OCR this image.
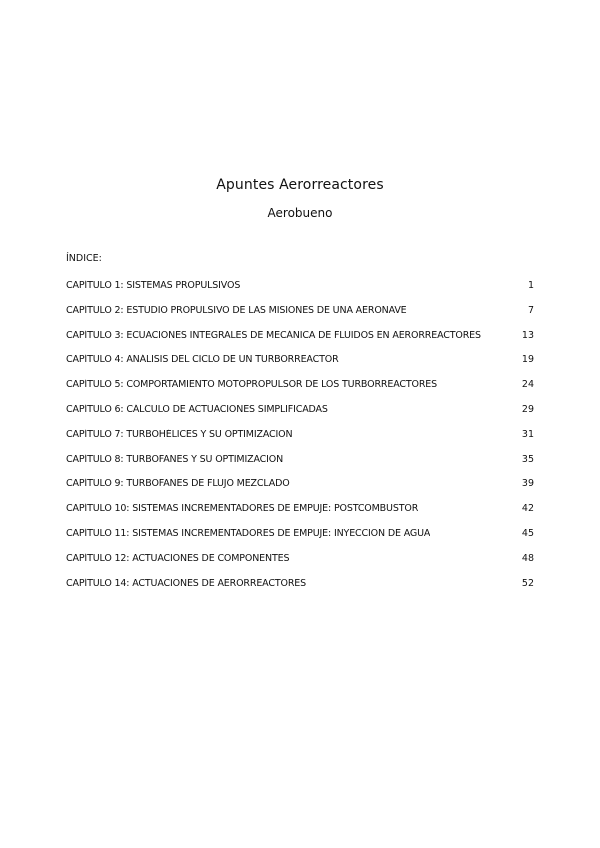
Apuntes Aerorreactores
Aerobueno
ÍNDICE:
CAPÍTULO 1: SISTEMAS PROPULSIVOS	1
CAPÍTULO 2: ESTUDIO PROPULSIVO DE LAS MISIONES DE UNA AERONAVE	7
CAPÍTULO 3: ECUACIONES INTEGRALES DE MECÁNICA DE FLUIDOS EN AERORREACTORES	13
CAPÍTULO 4: ANÁLISIS DEL CICLO DE UN TURBORREACTOR	19
CAPÍTULO 5: COMPORTAMIENTO MOTOPROPULSOR DE LOS TURBORREACTORES	24
CAPÍTULO 6: CÁLCULO DE ACTUACIONES SIMPLIFICADAS	29
CAPÍTULO 7: TURBOHÉLICES Y SU OPTIMIZACIÓN	31
CAPÍTULO 8: TURBOFANES Y SU OPTIMIZACIÓN	35
CAPÍTULO 9: TURBOFANES DE FLUJO MEZCLADO	39
CAPÍTULO 10: SISTEMAS INCREMENTADORES DE EMPUJE: POSTCOMBUSTOR	42
CAPÍTULO 11: SISTEMAS INCREMENTADORES DE EMPUJE: INYECCIÓN DE AGUA	45
CAPÍTULO 12: ACTUACIONES DE COMPONENTES	48
CAPÍTULO 14: ACTUACIONES DE AERORREACTORES	52
